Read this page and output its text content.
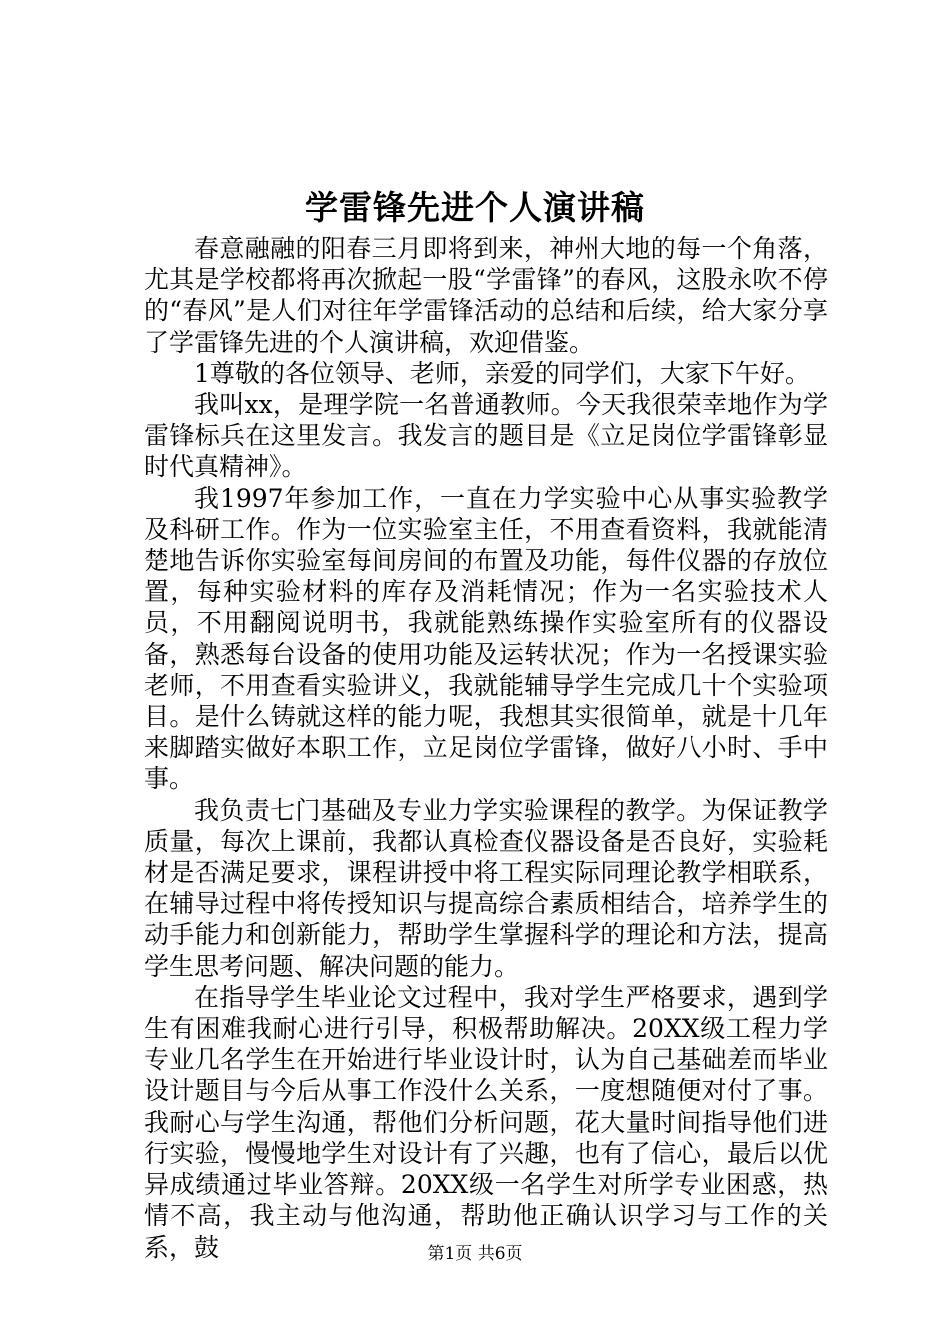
学雷锋先进个人演讲稿

春意融融的阳春三月即将到来，神州大地的每一个角落，尤其是学校都将再次掀起一股“学雷锋”的春风，这股永吹不停的“春风”是人们对往年学雷锋活动的总结和后续，给大家分享了学雷锋先进的个人演讲稿，欢迎借鉴。

1尊敬的各位领导、老师，亲爱的同学们，大家下午好。

我叫xx，是理学院一名普通教师。今天我很荣幸地作为学雷锋标兵在这里发言。我发言的题目是《立足岗位学雷锋彰显时代真精神》。

我1997年参加工作，一直在力学实验中心从事实验教学及科研工作。作为一位实验室主任，不用查看资料，我就能清楚地告诉你实验室每间房间的布置及功能，每件仪器的存放位置，每种实验材料的库存及消耗情况；作为一名实验技术人员，不用翻阅说明书，我就能熟练操作实验室所有的仪器设备，熟悉每台设备的使用功能及运转状况；作为一名授课实验老师，不用查看实验讲义，我就能辅导学生完成几十个实验项目。是什么铸就这样的能力呢，我想其实很简单，就是十几年来脚踏实做好本职工作，立足岗位学雷锋，做好八小时、手中事。

我负责七门基础及专业力学实验课程的教学。为保证教学质量，每次上课前，我都认真检查仪器设备是否良好，实验耗材是否满足要求，课程讲授中将工程实际同理论教学相联系，在辅导过程中将传授知识与提高综合素质相结合，培养学生的动手能力和创新能力，帮助学生掌握科学的理论和方法，提高学生思考问题、解决问题的能力。

在指导学生毕业论文过程中，我对学生严格要求，遇到学生有困难我耐心进行引导，积极帮助解决。20XX级工程力学专业几名学生在开始进行毕业设计时，认为自己基础差而毕业设计题目与今后从事工作没什么关系，一度想随便对付了事。我耐心与学生沟通，帮他们分析问题，花大量时间指导他们进行实验，慢慢地学生对设计有了兴趣，也有了信心，最后以优异成绩通过毕业答辩。20XX级一名学生对所学专业困惑，热情不高，我主动与他沟通，帮助他正确认识学习与工作的关系，鼓	第1页 共6页
